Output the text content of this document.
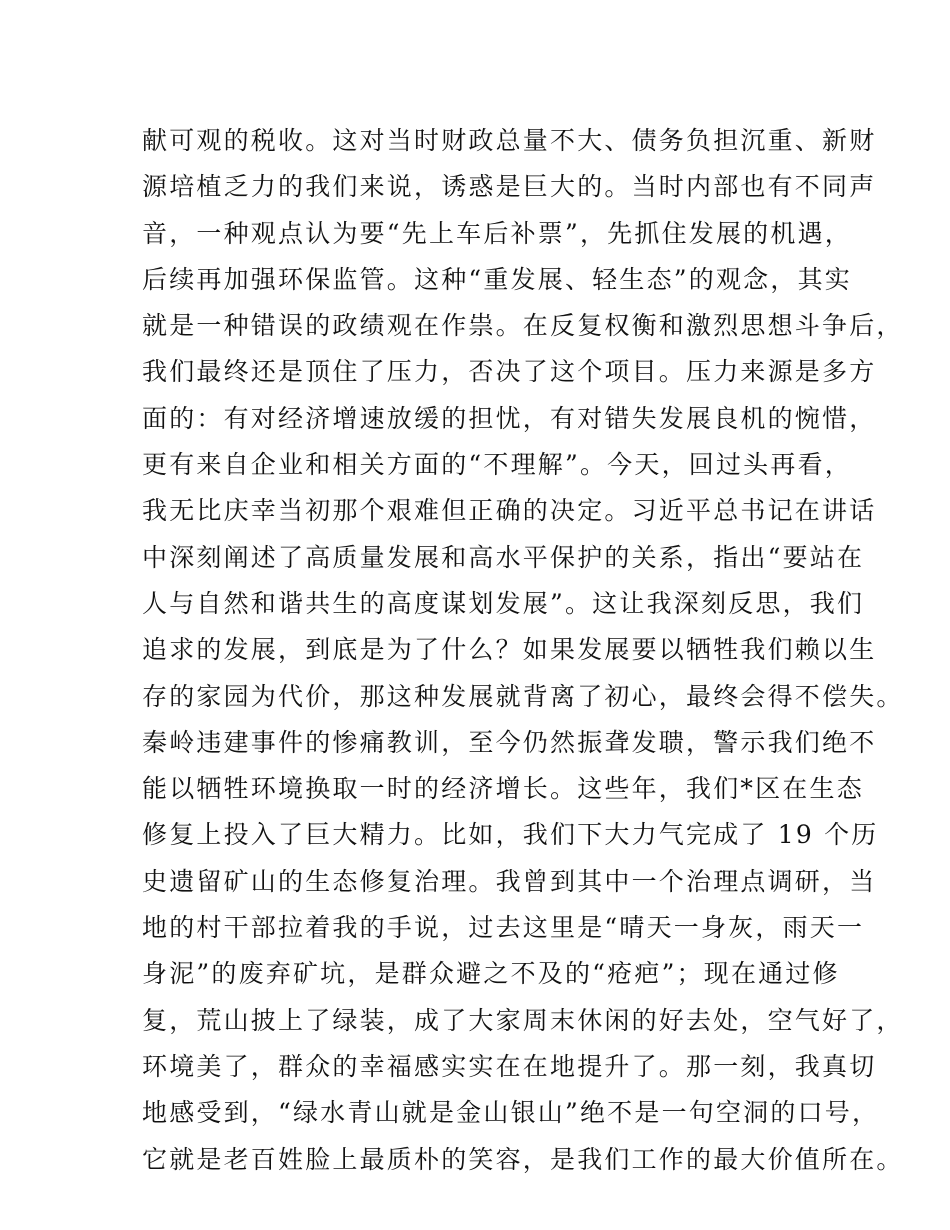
献可观的税收。这对当时财政总量不大、债务负担沉重、新财
源培植乏力的我们来说，诱惑是巨大的。当时内部也有不同声
音，一种观点认为要“先上车后补票”，先抓住发展的机遇，
后续再加强环保监管。这种“重发展、轻生态”的观念，其实
就是一种错误的政绩观在作祟。在反复权衡和激烈思想斗争后，
我们最终还是顶住了压力，否决了这个项目。压力来源是多方
面的：有对经济增速放缓的担忧，有对错失发展良机的惋惜，
更有来自企业和相关方面的“不理解”。今天，回过头再看，
我无比庆幸当初那个艰难但正确的决定。习近平总书记在讲话
中深刻阐述了高质量发展和高水平保护的关系，指出“要站在
人与自然和谐共生的高度谋划发展”。这让我深刻反思，我们
追求的发展，到底是为了什么？如果发展要以牺牲我们赖以生
存的家园为代价，那这种发展就背离了初心，最终会得不偿失。
秦岭违建事件的惨痛教训，至今仍然振聋发聩，警示我们绝不
能以牺牲环境换取一时的经济增长。这些年，我们*区在生态
修复上投入了巨大精力。比如，我们下大力气完成了 19 个历
史遗留矿山的生态修复治理。我曾到其中一个治理点调研，当
地的村干部拉着我的手说，过去这里是“晴天一身灰，雨天一
身泥”的废弃矿坑，是群众避之不及的“疮疤”；现在通过修
复，荒山披上了绿装，成了大家周末休闲的好去处，空气好了，
环境美了，群众的幸福感实实在在地提升了。那一刻，我真切
地感受到，“绿水青山就是金山银山”绝不是一句空洞的口号，
它就是老百姓脸上最质朴的笑容，是我们工作的最大价值所在。
